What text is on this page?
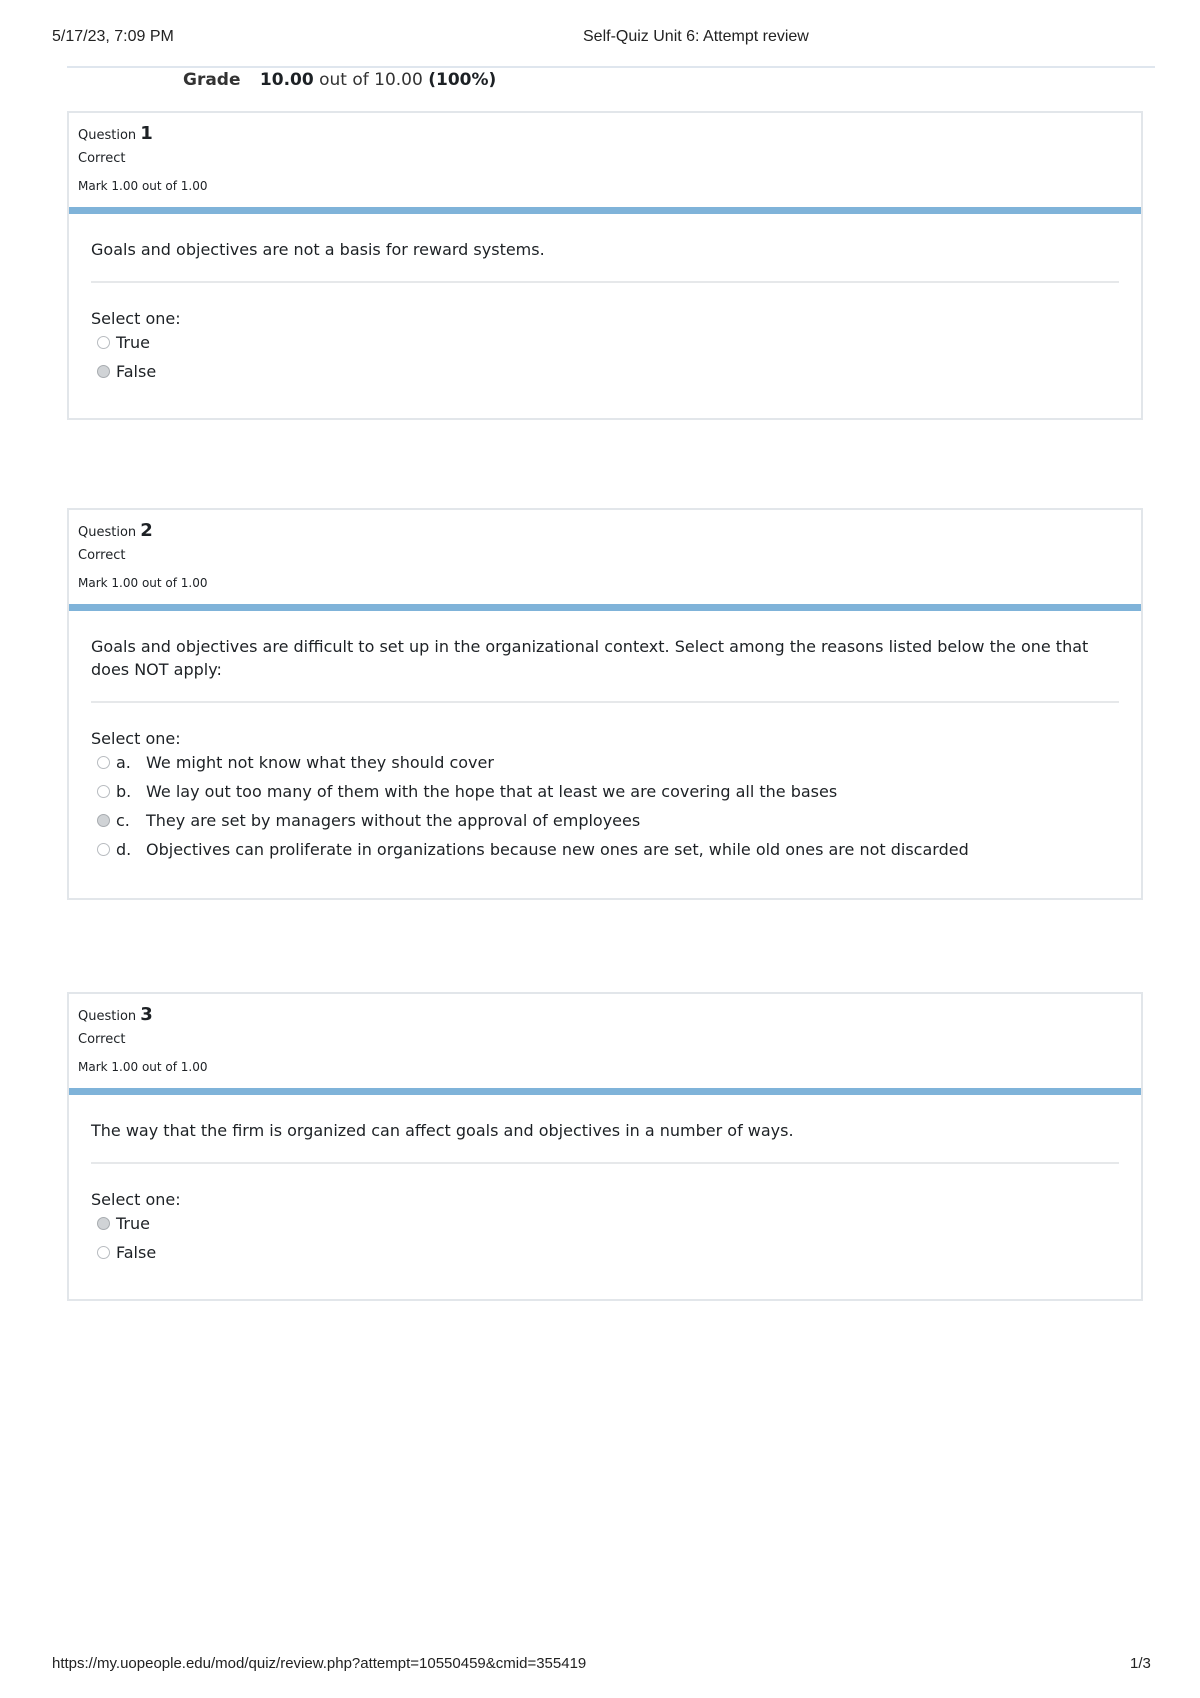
5/17/23, 7:09 PM	Self-Quiz Unit 6: Attempt review
Grade 10.00 out of 10.00 (100%)
Question 1
Correct
Mark 1.00 out of 1.00
Goals and objectives are not a basis for reward systems.
Select one:
True
False
Question 2
Correct
Mark 1.00 out of 1.00
Goals and objectives are difficult to set up in the organizational context. Select among the reasons listed below the one that does NOT apply:
Select one:
a. We might not know what they should cover
b. We lay out too many of them with the hope that at least we are covering all the bases
c.	They are set by managers without the approval of employees
d. Objectives can proliferate in organizations because new ones are set, while old ones are not discarded
Question 3
Correct
Mark 1.00 out of 1.00
The way that the firm is organized can affect goals and objectives in a number of ways.
Select one:
True
False
https://my.uopeople.edu/mod/quiz/review.php?attempt=10550459&cmid=355419	1/3
